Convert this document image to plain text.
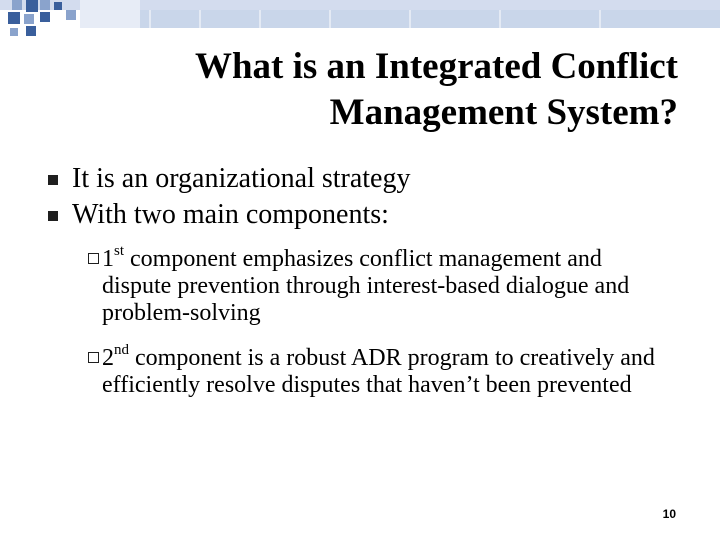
What is an Integrated Conflict
Management System?
It is an organizational strategy
With two main components:
1st component emphasizes conflict management and dispute prevention through interest-based dialogue and problem-solving
2nd component is a robust ADR program to creatively and efficiently resolve disputes that haven’t been prevented
10
